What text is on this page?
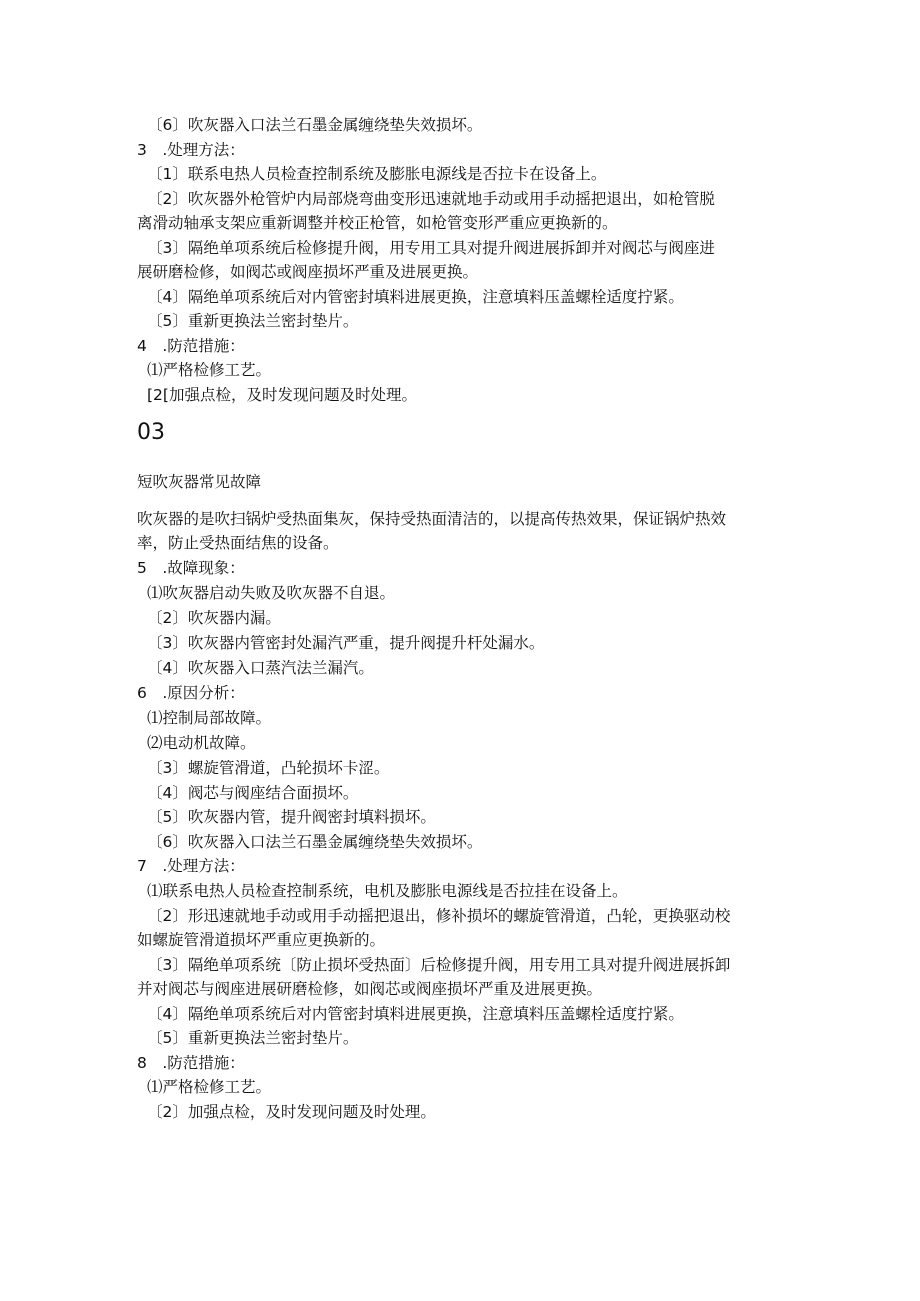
〔6〕吹灰器入口法兰石墨金属缠绕垫失效损坏。
3　.处理方法：
〔1〕联系电热人员检查控制系统及膨胀电源线是否拉卡在设备上。
〔2〕吹灰器外枪管炉内局部烧弯曲变形迅速就地手动或用手动摇把退出，如枪管脱
离滑动轴承支架应重新调整并校正枪管，如枪管变形严重应更换新的。
〔3〕隔绝单项系统后检修提升阀，用专用工具对提升阀进展拆卸并对阀芯与阀座进
展研磨检修，如阀芯或阀座损坏严重及进展更换。
〔4〕隔绝单项系统后对内管密封填料进展更换，注意填料压盖螺栓适度拧紧。
〔5〕重新更换法兰密封垫片。
4　.防范措施：
⑴严格检修工艺。
[2[加强点检，及时发现问题及时处理。
03
短吹灰器常见故障
吹灰器的是吹扫锅炉受热面集灰，保持受热面清洁的，以提高传热效果，保证锅炉热效
率，防止受热面结焦的设备。
5　.故障现象：
⑴吹灰器启动失败及吹灰器不自退。
〔2〕吹灰器内漏。
〔3〕吹灰器内管密封处漏汽严重，提升阀提升杆处漏水。
〔4〕吹灰器入口蒸汽法兰漏汽。
6　.原因分析：
⑴控制局部故障。
⑵电动机故障。
〔3〕螺旋管滑道，凸轮损坏卡涩。
〔4〕阀芯与阀座结合面损坏。
〔5〕吹灰器内管，提升阀密封填料损坏。
〔6〕吹灰器入口法兰石墨金属缠绕垫失效损坏。
7　.处理方法：
⑴联系电热人员检查控制系统，电机及膨胀电源线是否拉挂在设备上。
〔2〕形迅速就地手动或用手动摇把退出，修补损坏的螺旋管滑道，凸轮，更换驱动校
如螺旋管滑道损坏严重应更换新的。
〔3〕隔绝单项系统〔防止损坏受热面〕后检修提升阀，用专用工具对提升阀进展拆卸
并对阀芯与阀座进展研磨检修，如阀芯或阀座损坏严重及进展更换。
〔4〕隔绝单项系统后对内管密封填料进展更换，注意填料压盖螺栓适度拧紧。
〔5〕重新更换法兰密封垫片。
8　.防范措施：
⑴严格检修工艺。
〔2〕加强点检，及时发现问题及时处理。
